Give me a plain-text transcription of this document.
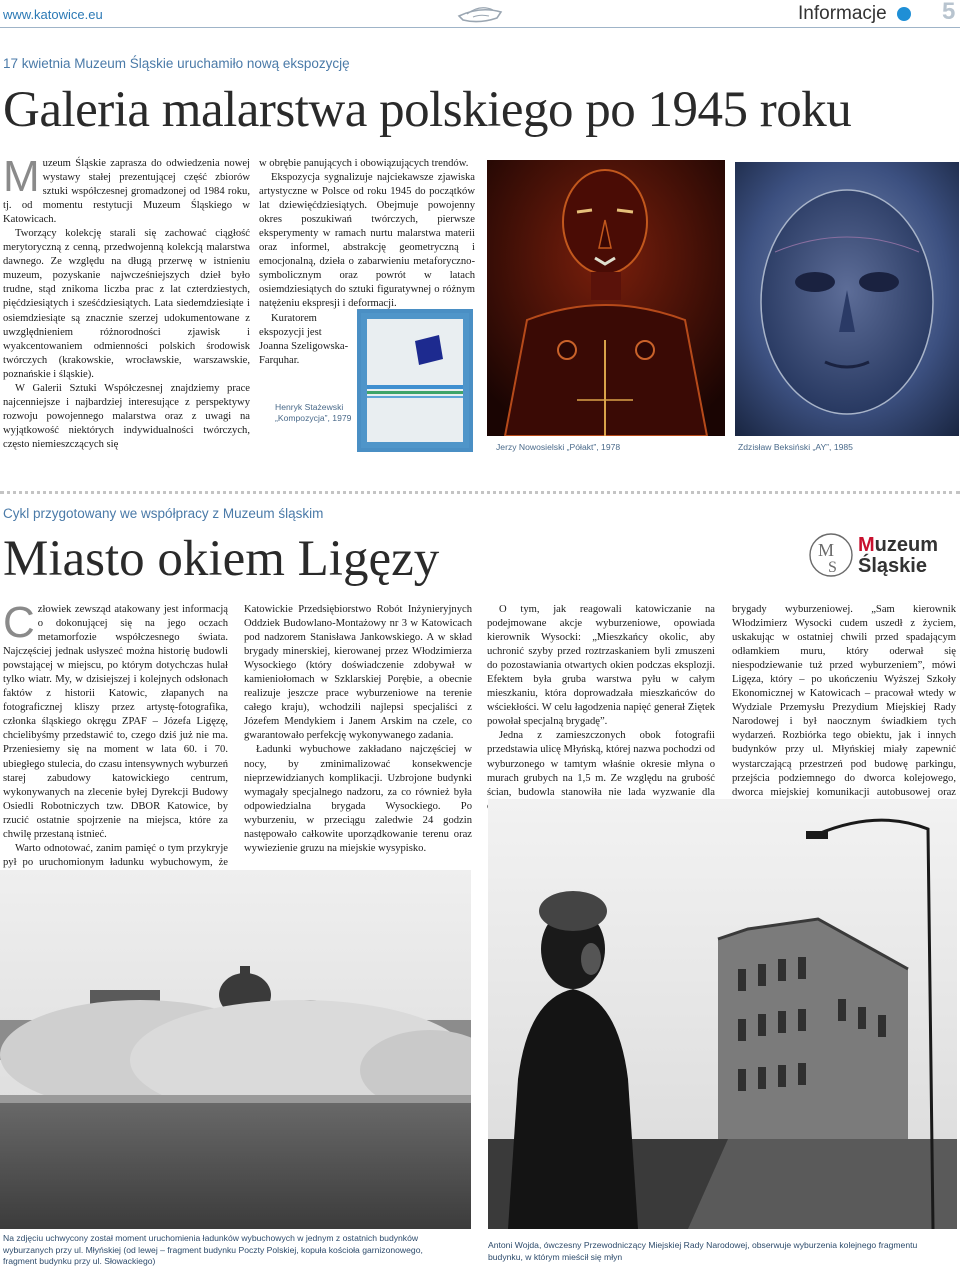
www.katowice.eu	Informacje 5
17 kwietnia Muzeum Śląskie uruchamiło nową ekspozycję
Galeria malarstwa polskiego po 1945 roku

Muzeum Śląskie zaprasza do odwiedzenia nowej wystawy stałej prezentującej część zbiorów sztuki współczesnej gromadzonej od 1984 roku, tj. od momentu restytucji Muzeum Śląskiego w Katowicach.

Tworzący kolekcję starali się zachować ciągłość merytoryczną z cenną, przedwojenną kolekcją malarstwa dawnego. Ze względu na długą przerwę w istnieniu muzeum, pozyskanie najwcześniejszych dzieł było trudne, stąd znikoma liczba prac z lat czterdziestych, pięćdziesiątych i sześćdziesiątych. Lata siedemdziesiąte i osiemdziesiąte są znacznie szerzej udokumentowane z uwzględnieniem różnorodności zjawisk i wyakcentowaniem odmienności polskich środowisk twórczych (krakowskie, wrocławskie, warszawskie, poznańskie i śląskie).

W Galerii Sztuki Współczesnej znajdziemy prace najcenniejsze i najbardziej interesujące z perspektywy rozwoju powojennego malarstwa oraz z uwagi na wyjątkowość niektórych indywidualności twórczych, często niemieszczących się

w obrębie panujących i obowiązujących trendów.

Ekspozycja sygnalizuje najciekawsze zjawiska artystyczne w Polsce od roku 1945 do początków lat dziewięćdziesiątych. Obejmuje powojenny okres poszukiwań twórczych, pierwsze eksperymenty w ramach nurtu malarstwa materii oraz informel, abstrakcję geometryczną i emocjonalną, dzieła o zabarwieniu metaforyczno-symbolicznym oraz powrót w latach osiemdziesiątych do sztuki figuratywnej o różnym natężeniu ekspresji i deformacji.

Kuratorem ekspozycji jest Joanna Szeligowska-Farquhar.

Henryk Stażewski „Kompozycja”, 1979
Jerzy Nowosielski „Półakt”, 1978	Zdzisław Beksiński „AY”, 1985
Cykl przygotowany we współpracy z Muzeum śląskim
Miasto okiem Ligęzy	M
S
Muzeum
Śląskie

Człowiek zewsząd atakowany jest informacją o dokonującej się na jego oczach metamorfozie współczesnego świata. Najczęściej jednak usłyszeć można historię budowli powstającej w miejscu, po którym dotychczas hulał tylko wiatr. My, w dzisiejszej i kolejnych odsłonach faktów z historii Katowic, złapanych na fotograficznej kliszy przez artystę-fotografika, członka śląskiego okręgu ZPAF – Józefa Ligęzę, chcielibyśmy przedstawić to, czego dziś już nie ma. Przeniesiemy się na moment w lata 60. i 70. ubiegłego stulecia, do czasu intensywnych wyburzeń starej zabudowy katowickiego centrum, wykonywanych na zlecenie byłej Dyrekcji Budowy Osiedli Robotniczych tzw. DBOR Katowice, by rzucić ostatnie spojrzenie na miejsca, które za chwilę przestaną istnieć.

Warto odnotować, zanim pamięć o tym przykryje pył po uruchomionym ładunku wybuchowym, że

Katowickie Przedsiębiorstwo Robót Inżynieryjnych Oddziek Budowlano-Montażowy nr 3 w Katowicach pod nadzorem Stanisława Jankowskiego. A w skład brygady minerskiej, kierowanej przez Włodzimierza Wysockiego (który doświadczenie zdobywał w kamieniołomach w Szklarskiej Porębie, a obecnie realizuje jeszcze prace wyburzeniowe na terenie całego kraju), wchodzili najlepsi specjaliści z Józefem Mendykiem i Janem Arskim na czele, co gwarantowało perfekcję wykonywanego zadania.

Ładunki wybuchowe zakładano najczęściej w nocy, by zminimalizować konsekwencje nieprzewidzianych komplikacji. Uzbrojone budynki wymagały specjalnego nadzoru, za co również była odpowiedzialna brygada Wysockiego. Po wyburzeniu, w przeciągu zaledwie 24 godzin następowało całkowite uporządkowanie terenu oraz wywiezienie gruzu na miejskie wysypisko.

O tym, jak reagowali katowiczanie na podejmowane akcje wyburzeniowe, opowiada kierownik Wysocki: „Mieszkańcy okolic, aby uchronić szyby przed roztrzaskaniem byli zmuszeni do pozostawiania otwartych okien podczas eksplozji. Efektem była gruba warstwa pyłu w całym mieszkaniu, która doprowadzała mieszkańców do wściekłości. W celu łagodzenia napięć generał Ziętek powołał specjalną brygadę”.

Jedna z zamieszczonych obok fotografii przedstawia ulicę Młyńską, której nazwa pochodzi od wyburzonego w tamtym właśnie okresie młyna o murach grubych na 1,5 m. Ze względu na grubość ścian, budowla stanowiła nie lada wyzwanie dla

brygady wyburzeniowej. „Sam kierownik Włodzimierz Wysocki cudem uszedł z życiem, uskakując w ostatniej chwili przed spadającym odłamkiem muru, który oderwał się niespodziewanie tuż przed wyburzeniem”, mówi Ligęza, który – po ukończeniu Wyższej Szkoły Ekonomicznej w Katowicach – pracował wtedy w Wydziale Przemysłu Prezydium Miejskiej Rady Narodowej i był naocznym świadkiem tych wydarzeń. Rozbiórka tego obiektu, jak i innych budynków przy ul. Młyńskiej miały zapewnić wystarczającą przestrzeń pod budowę parkingu, przejścia podziemnego do dworca kolejowego, dworca miejskiej komunikacji autobusowej oraz

Na zdjęciu uchwycony został moment uruchomienia ładunków wybuchowych w jednym z ostatnich budynków wyburzanych przy ul. Młyńskiej (od lewej – fragment budynku Poczty Polskiej, kopuła kościoła garnizonowego, fragment budynku przy ul. Słowackiego)
Antoni Wojda, ówczesny Przewodniczący Miejskiej Rady Narodowej, obserwuje wyburzenia kolejnego fragmentu budynku, w którym mieścił się młyn
